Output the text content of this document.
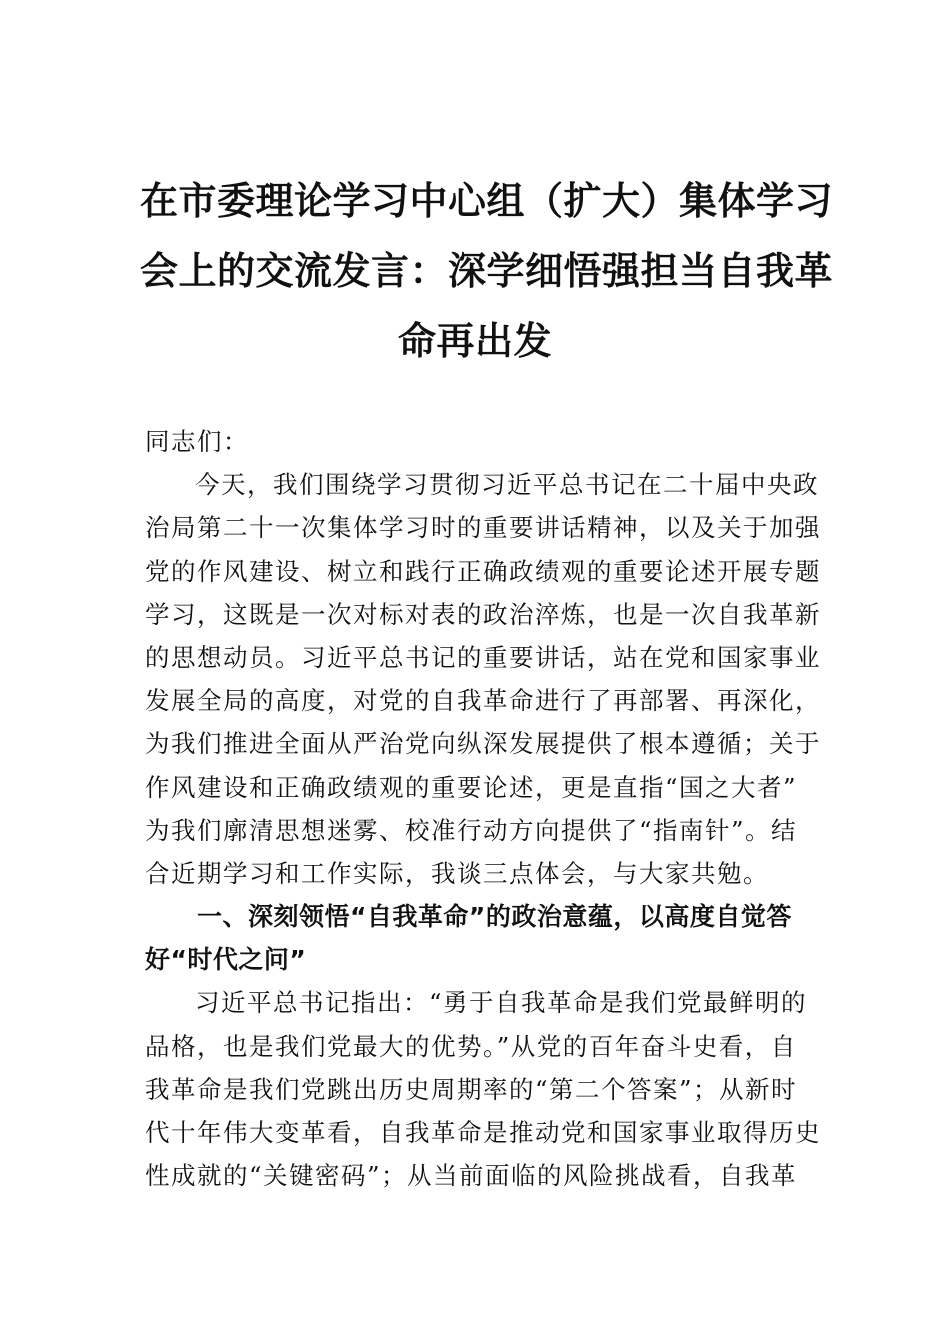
在市委理论学习中心组（扩大）集体学习
会上的交流发言：深学细悟强担当自我革
命再出发
同志们：
今天，我们围绕学习贯彻习近平总书记在二十届中央政
治局第二十一次集体学习时的重要讲话精神，以及关于加强
党的作风建设、树立和践行正确政绩观的重要论述开展专题
学习，这既是一次对标对表的政治淬炼，也是一次自我革新
的思想动员。习近平总书记的重要讲话，站在党和国家事业
发展全局的高度，对党的自我革命进行了再部署、再深化，
为我们推进全面从严治党向纵深发展提供了根本遵循；关于
作风建设和正确政绩观的重要论述，更是直指“国之大者”
为我们廓清思想迷雾、校准行动方向提供了“指南针”。结
合近期学习和工作实际，我谈三点体会，与大家共勉。
一、深刻领悟“自我革命”的政治意蕴，以高度自觉答
好“时代之问”
习近平总书记指出：“勇于自我革命是我们党最鲜明的
品格，也是我们党最大的优势。”从党的百年奋斗史看，自
我革命是我们党跳出历史周期率的“第二个答案”；从新时
代十年伟大变革看，自我革命是推动党和国家事业取得历史
性成就的“关键密码”；从当前面临的风险挑战看，自我革
